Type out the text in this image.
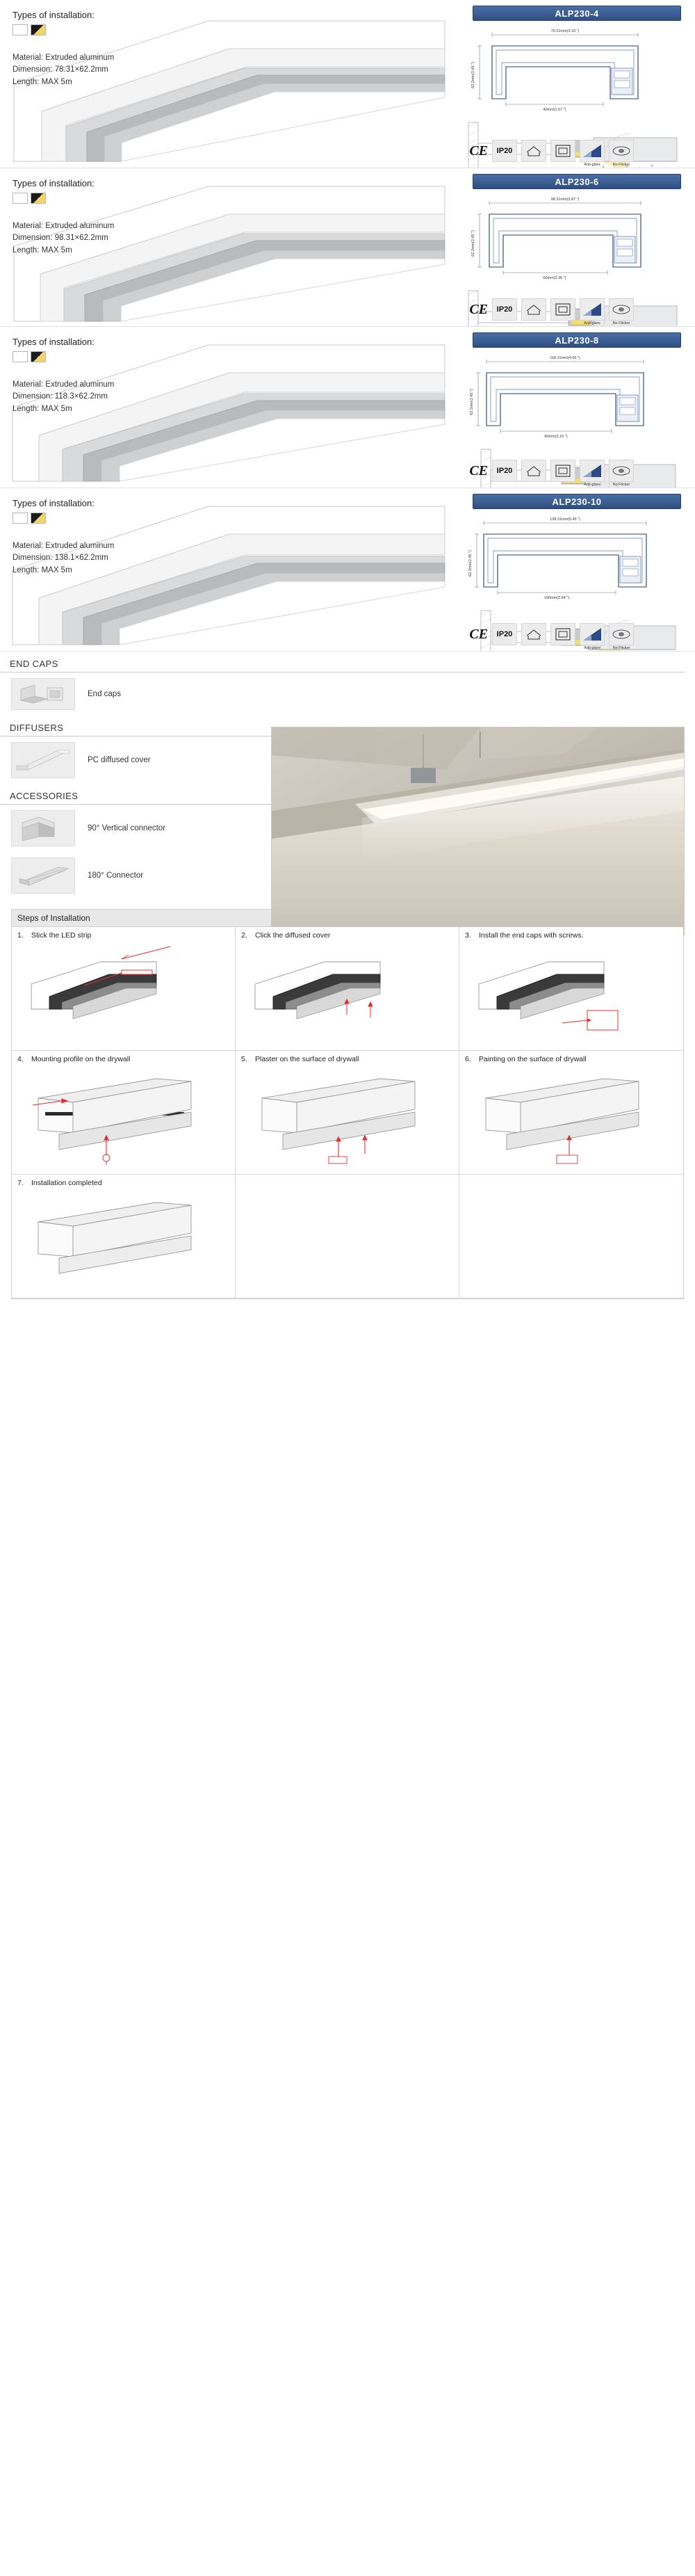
Types of installation:
Material: Extruded aluminum
Dimension: 78.31×62.2mm
Length: MAX 5m
ALP230-4
70.31mm(3.10 ")
62.2mm(2.45 ")
40mm(1.57 ")
CE IP20
Anti-glare	No Flicker
Types of installation:
Material: Extruded aluminum
Dimension: 98.31×62.2mm
Length: MAX 5m
ALP230-6
98.31mm(3.87 ")
62.2mm(2.45 ")
60mm(2.36 ")
CE IP20
Anti-glare	No Flicker
Types of installation:
Material: Extruded aluminum
Dimension: 118.3×62.2mm
Length: MAX 5m
ALP230-8
118.31mm(4.66 ")
62.2mm(2.45 ")
80mm(3.15 ")
CE IP20
Anti-glare	No Flicker
Types of installation:
Material: Extruded aluminum
Dimension: 138.1×62.2mm
Length: MAX 5m
ALP230-10
138.31mm(5.45 ")
62.2mm(2.45 ")
100mm(3.94 ")
CE IP20
Anti-glare	No Flicker
END CAPS
End caps
DIFFUSERS
PC diffused cover
ACCESSORIES
90° Vertical connector
180° Connector
Steps of Installation
1.	Stick the LED strip	2.	Click the diffused cover	3.	Install the end caps with screws.
4.	Mounting profile on the drywall	5.	Plaster on the surface of drywall	6.	Painting on the surface of drywall
7.	Installation completed
